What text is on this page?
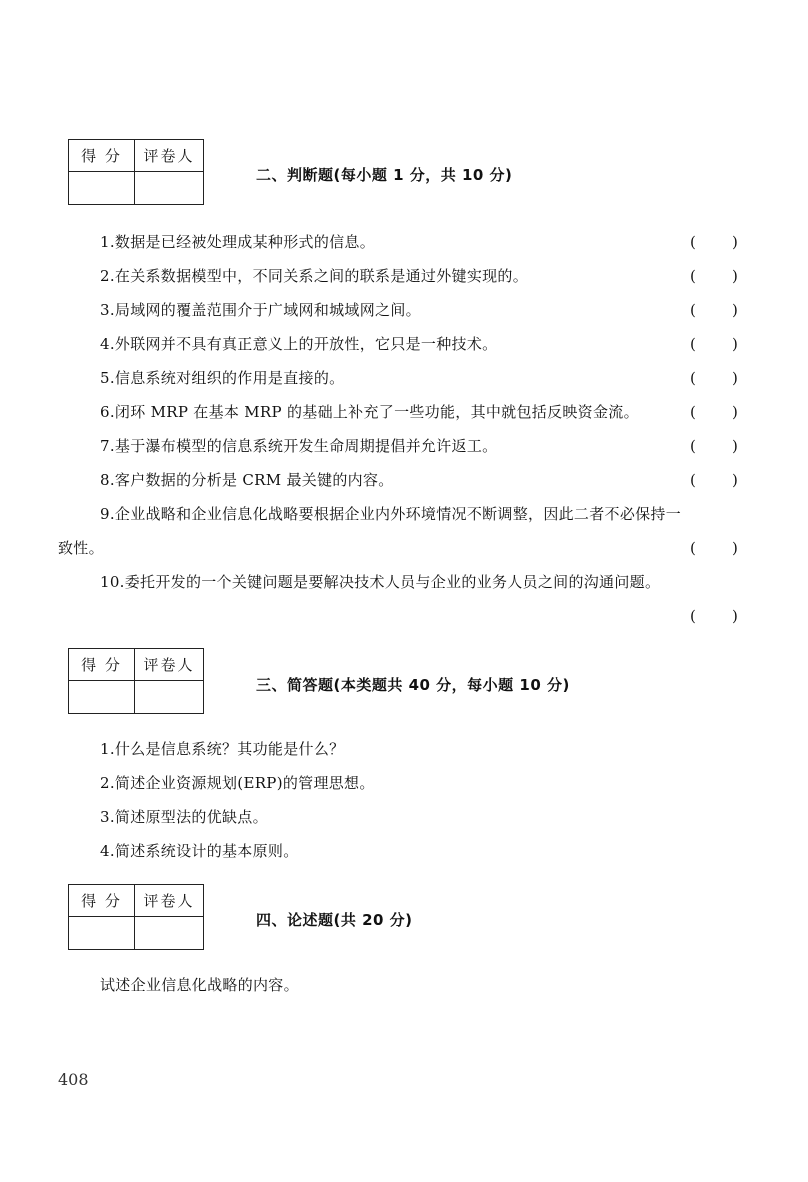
得 分	评卷人
二、判断题(每小题 1 分，共 10 分)
1.数据是已经被处理成某种形式的信息。	( )
2.在关系数据模型中，不同关系之间的联系是通过外键实现的。	( )
3.局域网的覆盖范围介于广域网和城域网之间。	( )
4.外联网并不具有真正意义上的开放性，它只是一种技术。	( )
5.信息系统对组织的作用是直接的。	( )
6.闭环 MRP 在基本 MRP 的基础上补充了一些功能，其中就包括反映资金流。	( )
7.基于瀑布模型的信息系统开发生命周期提倡并允许返工。	( )
8.客户数据的分析是 CRM 最关键的内容。	( )
9.企业战略和企业信息化战略要根据企业内外环境情况不断调整，因此二者不必保持一
致性。	( )
10.委托开发的一个关键问题是要解决技术人员与企业的业务人员之间的沟通问题。
( )
得 分	评卷人
三、简答题(本类题共 40 分，每小题 10 分)
1.什么是信息系统？其功能是什么？
2.简述企业资源规划(ERP)的管理思想。
3.简述原型法的优缺点。
4.简述系统设计的基本原则。
得 分	评卷人
四、论述题(共 20 分)
试述企业信息化战略的内容。
408
